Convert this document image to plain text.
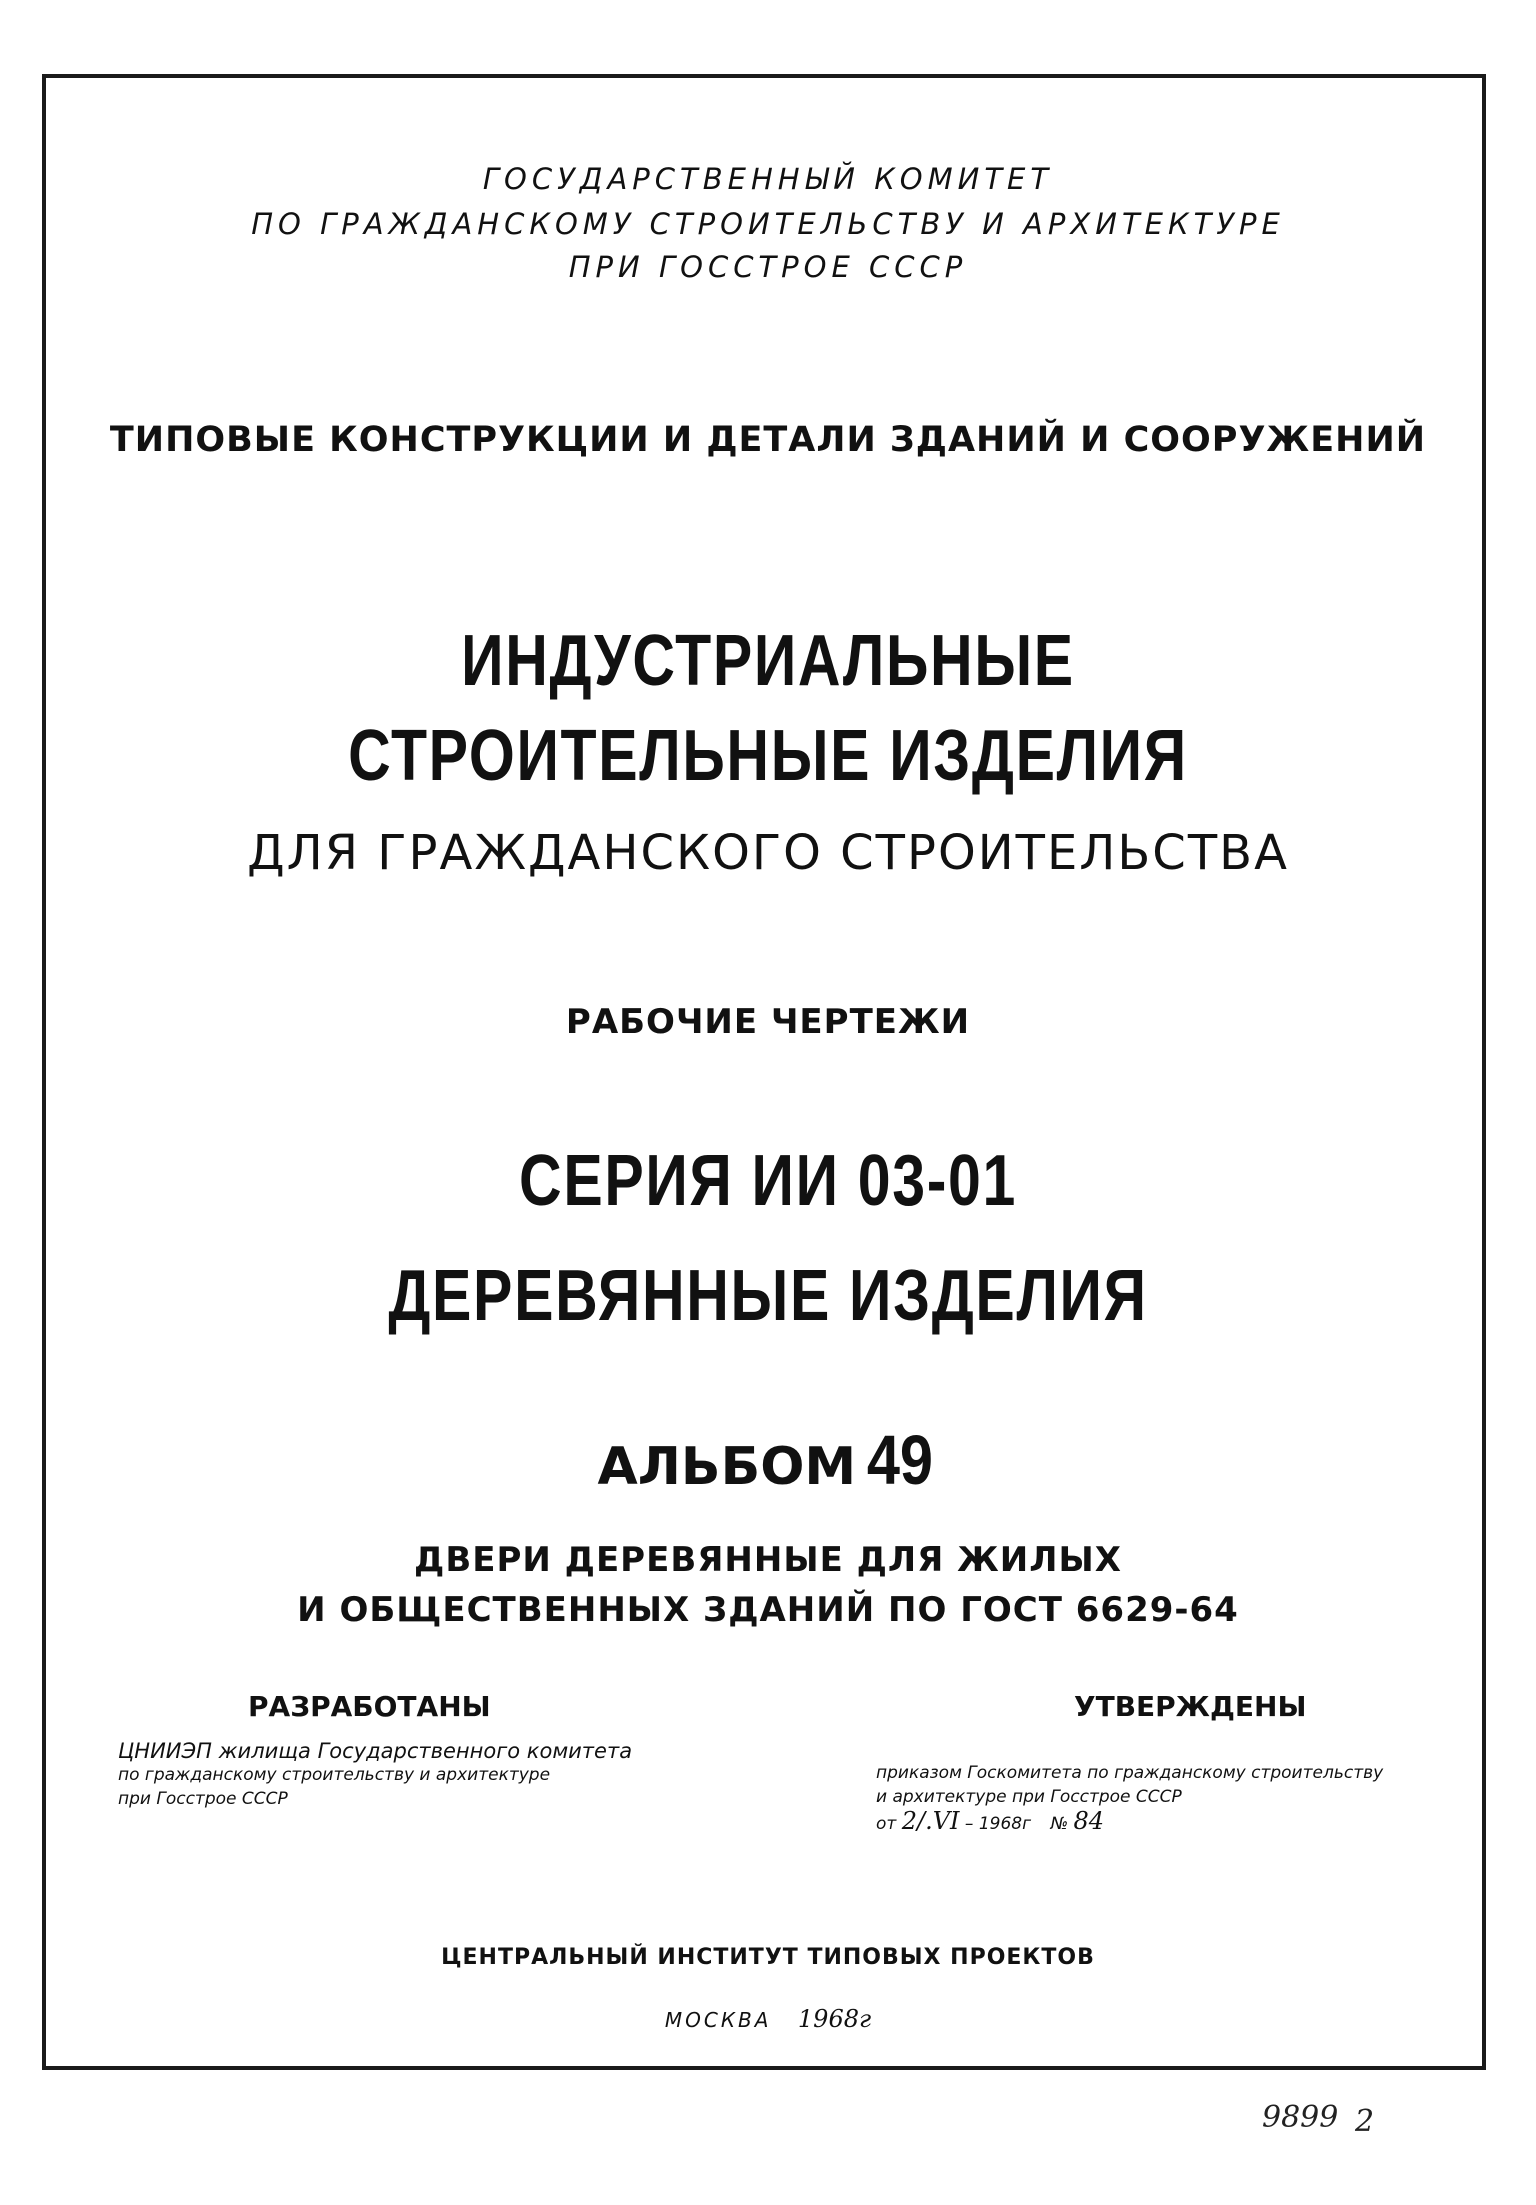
ГОСУДАРСТВЕННЫЙ КОМИТЕТ
ПО ГРАЖДАНСКОМУ СТРОИТЕЛЬСТВУ И АРХИТЕКТУРЕ
ПРИ ГОССТРОЕ СССР
ТИПОВЫЕ КОНСТРУКЦИИ И ДЕТАЛИ ЗДАНИЙ И СООРУЖЕНИЙ
ИНДУСТРИАЛЬНЫЕ
СТРОИТЕЛЬНЫЕ ИЗДЕЛИЯ
ДЛЯ ГРАЖДАНСКОГО СТРОИТЕЛЬСТВА
РАБОЧИЕ ЧЕРТЕЖИ
СЕРИЯ ИИ 03-01
ДЕРЕВЯННЫЕ ИЗДЕЛИЯ
АЛЬБОМ 49
ДВЕРИ ДЕРЕВЯННЫЕ ДЛЯ ЖИЛЫХ
И ОБЩЕСТВЕННЫХ ЗДАНИЙ ПО ГОСТ 6629-64
РАЗРАБОТАНЫ
ЦНИИЭП жилища Государственного комитета
по гражданскому строительству и архитектуре
при Госстрое СССР
УТВЕРЖДЕНЫ
приказом Госкомитета по гражданскому строительству
и архитектуре при Госстрое СССР
от 2/.VI – 1968г № 84
ЦЕНТРАЛЬНЫЙ ИНСТИТУТ ТИПОВЫХ ПРОЕКТОВ
МОСКВА 1968г
9899 2
